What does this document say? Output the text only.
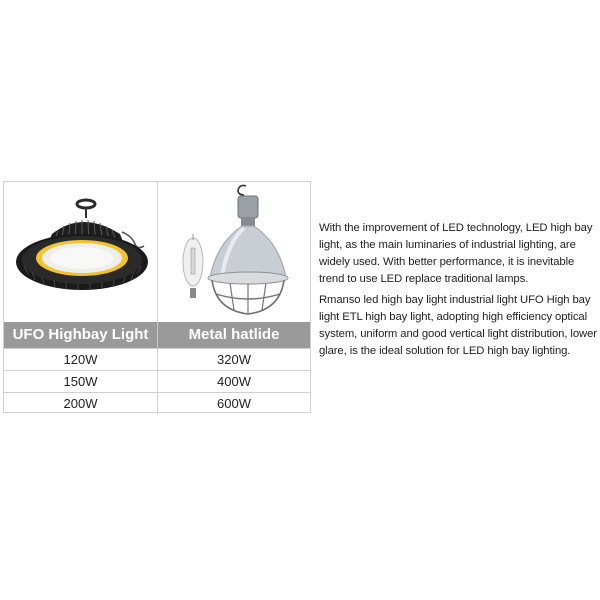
UFO Highbay Light	Metal hatlide
120W	320W
150W	400W
200W	600W

With the improvement of LED technology, LED high bay light, as the main luminaries of industrial lighting, are widely used. With better performance, it is inevitable trend to use LED replace traditional lamps.

Rmanso led high bay light industrial light UFO High bay light ETL high bay light, adopting high efficiency optical system, uniform and good vertical light distribution, lower glare, is the ideal solution for LED high bay lighting.
